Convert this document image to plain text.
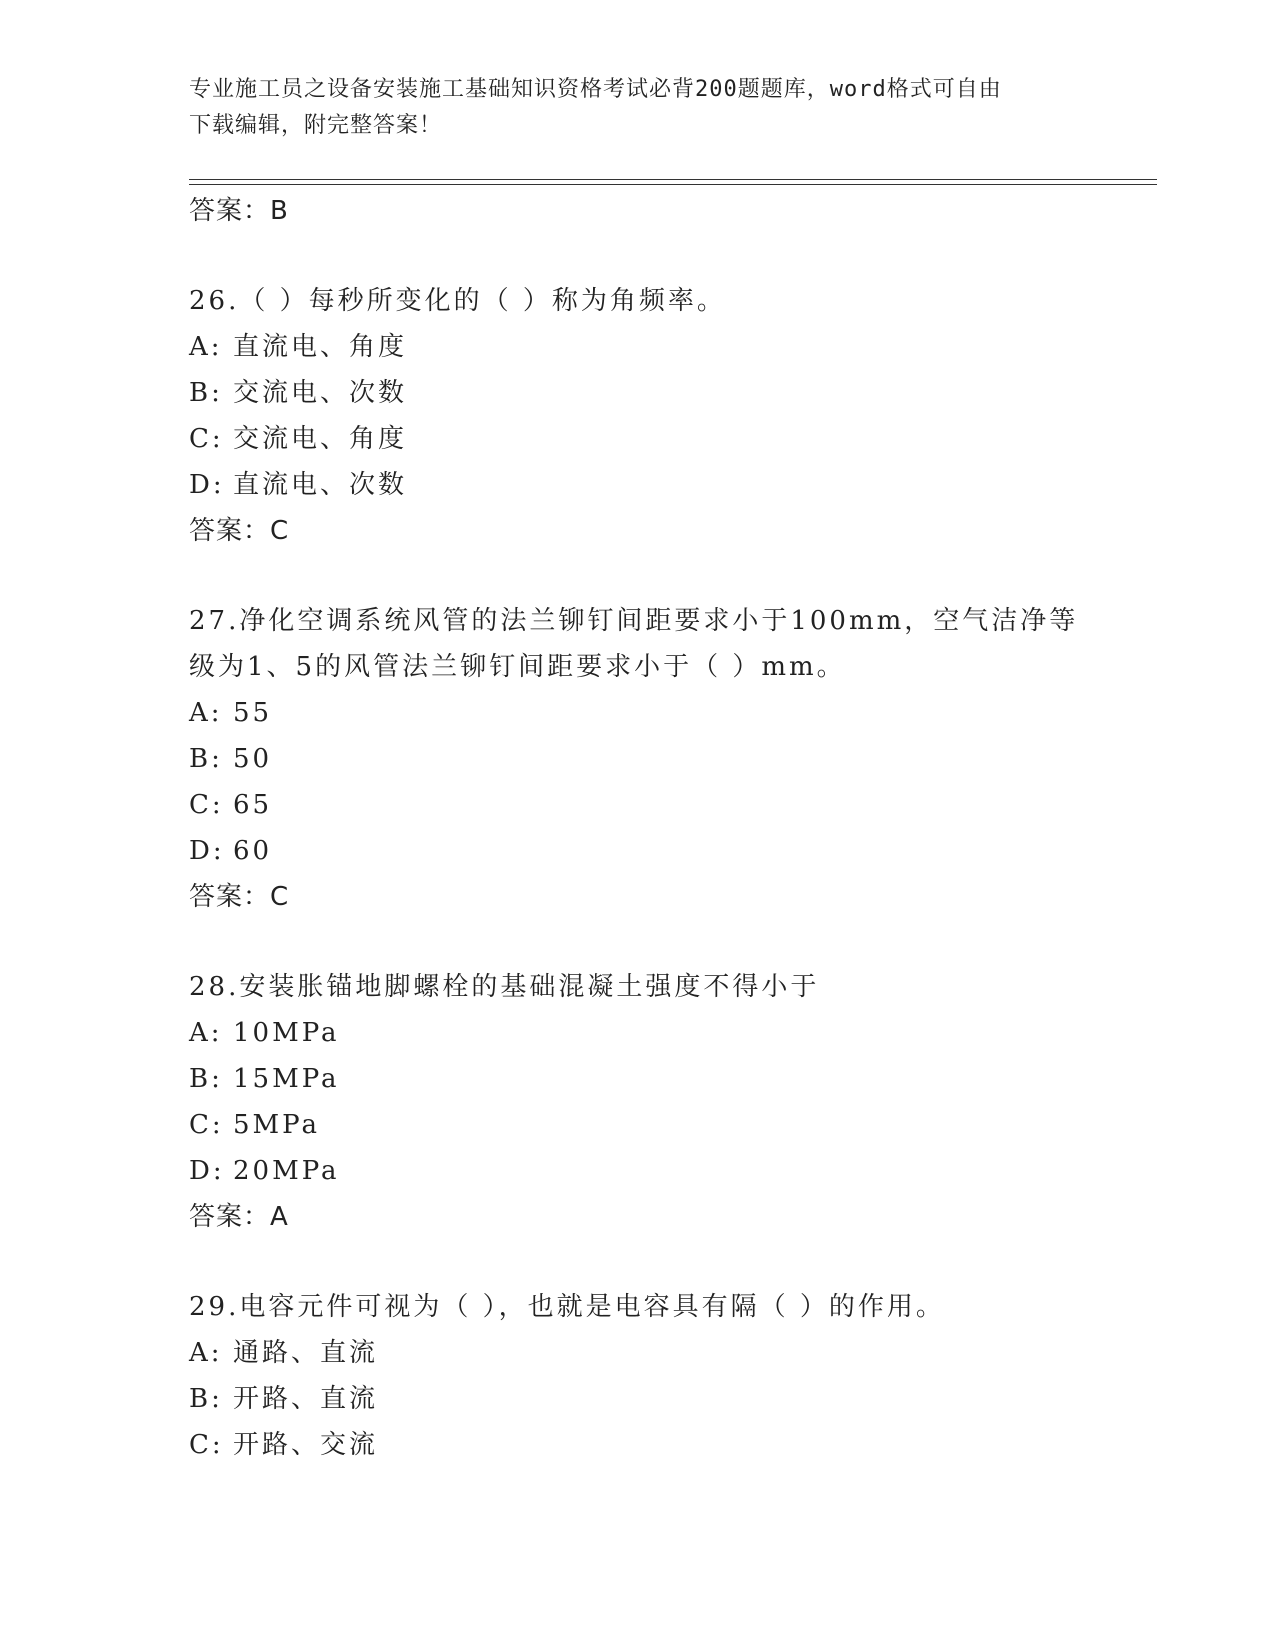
专业施工员之设备安装施工基础知识资格考试必背200题题库，word格式可自由

下载编辑，附完整答案！

答案：B

26.（ ）每秒所变化的（ ）称为角频率。

A: 直流电、角度
B: 交流电、次数
C: 交流电、角度
D: 直流电、次数
答案：C

27.净化空调系统风管的法兰铆钉间距要求小于100mm，空气洁净等级为1、5的风管法兰铆钉间距要求小于（ ）mm。

A: 55
B: 50
C: 65
D: 60
答案：C

28.安装胀锚地脚螺栓的基础混凝土强度不得小于

A: 10MPa
B: 15MPa
C: 5MPa
D: 20MPa
答案：A

29.电容元件可视为（ ），也就是电容具有隔（ ）的作用。

A: 通路、直流
B: 开路、直流
C: 开路、交流
